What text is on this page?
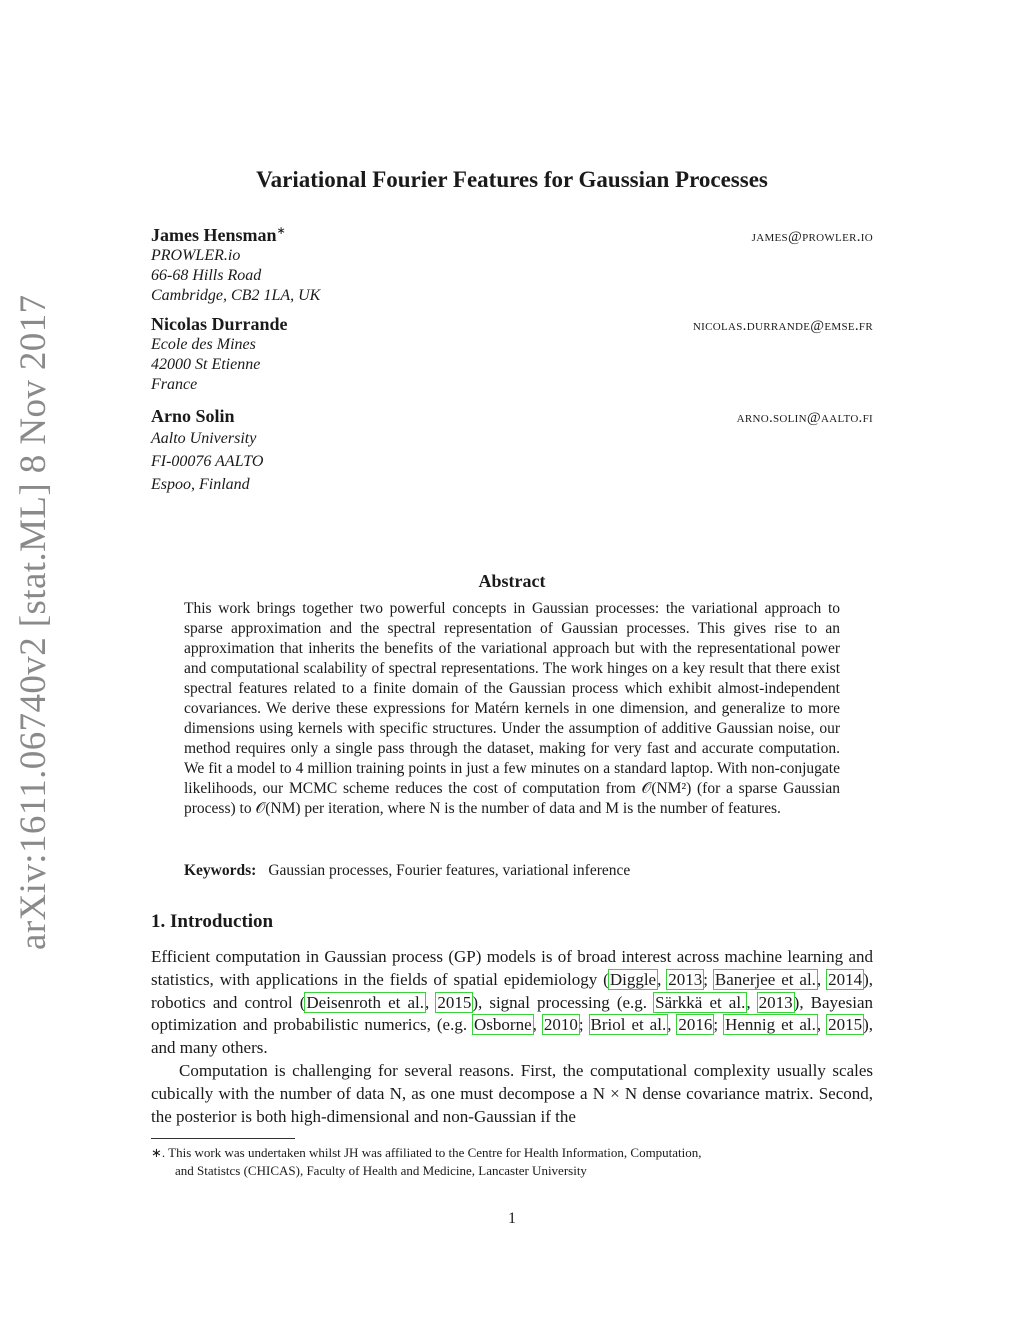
arXiv:1611.06740v2 [stat.ML] 8 Nov 2017
Variational Fourier Features for Gaussian Processes
James Hensman∗	james@prowler.io
PROWLER.io
66-68 Hills Road
Cambridge, CB2 1LA, UK
Nicolas Durrande	nicolas.durrande@emse.fr
Ecole des Mines
42000 St Etienne
France
Arno Solin	arno.solin@aalto.fi
Aalto University
FI-00076 AALTO
Espoo, Finland
Abstract
This work brings together two powerful concepts in Gaussian processes: the variational approach to sparse approximation and the spectral representation of Gaussian processes. This gives rise to an approximation that inherits the benefits of the variational approach but with the representational power and computational scalability of spectral representations. The work hinges on a key result that there exist spectral features related to a finite domain of the Gaussian process which exhibit almost-independent covariances. We derive these expressions for Matérn kernels in one dimension, and generalize to more dimensions using kernels with specific structures. Under the assumption of additive Gaussian noise, our method requires only a single pass through the dataset, making for very fast and accurate computation. We fit a model to 4 million training points in just a few minutes on a standard laptop. With non-conjugate likelihoods, our MCMC scheme reduces the cost of computation from 𝒪(NM²) (for a sparse Gaussian process) to 𝒪(NM) per iteration, where N is the number of data and M is the number of features.
Keywords: Gaussian processes, Fourier features, variational inference
1. Introduction

Efficient computation in Gaussian process (GP) models is of broad interest across machine learning and statistics, with applications in the fields of spatial epidemiology (Diggle, 2013; Banerjee et al., 2014), robotics and control (Deisenroth et al., 2015), signal processing (e.g. Särkkä et al., 2013), Bayesian optimization and probabilistic numerics, (e.g. Osborne, 2010; Briol et al., 2016; Hennig et al., 2015), and many others.

Computation is challenging for several reasons. First, the computational complexity usually scales cubically with the number of data N, as one must decompose a N × N dense covariance matrix. Second, the posterior is both high-dimensional and non-Gaussian if the

∗. This work was undertaken whilst JH was affiliated to the Centre for Health Information, Computation,
and Statistcs (CHICAS), Faculty of Health and Medicine, Lancaster University
1
